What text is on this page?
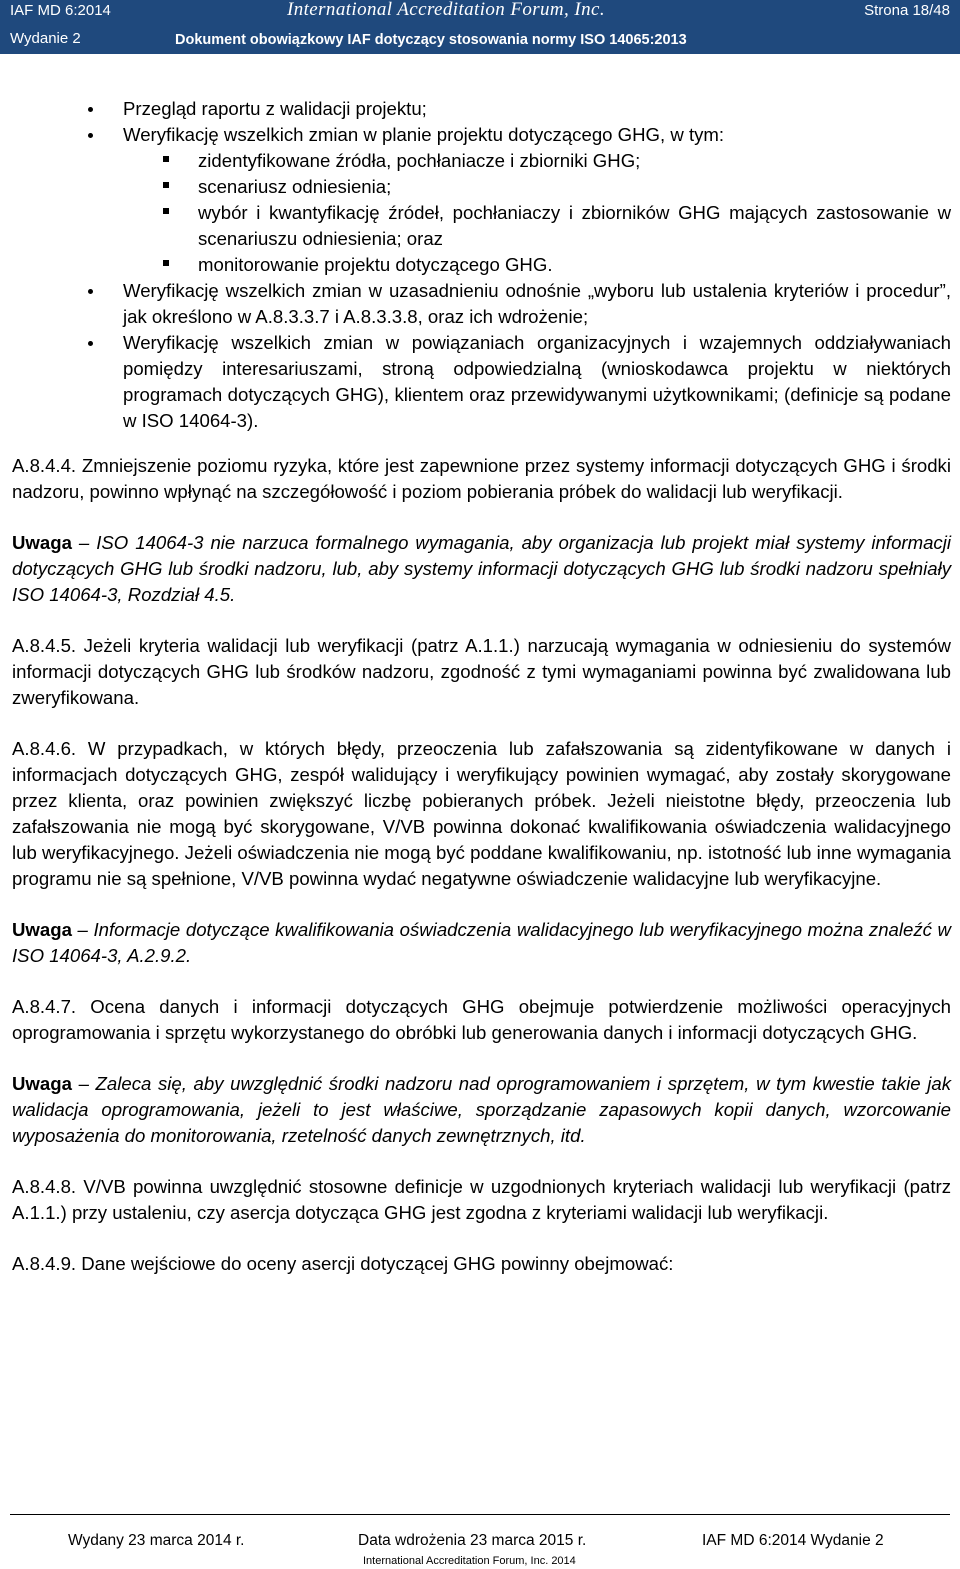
IAF MD 6:2014	International Accreditation Forum, Inc.	Strona 18/48
Wydanie 2	Dokument obowiązkowy IAF dotyczący stosowania normy ISO 14065:2013
Przegląd raportu z walidacji projektu;
Weryfikację wszelkich zmian w planie projektu dotyczącego GHG, w tym:
zidentyfikowane źródła, pochłaniacze i zbiorniki GHG;
scenariusz odniesienia;
wybór i kwantyfikację źródeł, pochłaniaczy i zbiorników GHG mających zastosowanie w scenariuszu odniesienia; oraz
monitorowanie projektu dotyczącego GHG.
Weryfikację wszelkich zmian w uzasadnieniu odnośnie „wyboru lub ustalenia kryteriów i procedur”, jak określono w A.8.3.3.7 i A.8.3.3.8, oraz ich wdrożenie;
Weryfikację wszelkich zmian w powiązaniach organizacyjnych i wzajemnych oddziaływaniach pomiędzy interesariuszami, stroną odpowiedzialną (wnioskodawca projektu w niektórych programach dotyczących GHG), klientem oraz przewidywanymi użytkownikami; (definicje są podane w ISO 14064-3).

A.8.4.4. Zmniejszenie poziomu ryzyka, które jest zapewnione przez systemy informacji dotyczących GHG i środki nadzoru, powinno wpłynąć na szczegółowość i poziom pobierania próbek do walidacji lub weryfikacji.

Uwaga – ISO 14064-3 nie narzuca formalnego wymagania, aby organizacja lub projekt miał systemy informacji dotyczących GHG lub środki nadzoru, lub, aby systemy informacji dotyczących GHG lub środki nadzoru spełniały ISO 14064-3, Rozdział 4.5.

A.8.4.5. Jeżeli kryteria walidacji lub weryfikacji (patrz A.1.1.) narzucają wymagania w odniesieniu do systemów informacji dotyczących GHG lub środków nadzoru, zgodność z tymi wymaganiami powinna być zwalidowana lub zweryfikowana.

A.8.4.6. W przypadkach, w których błędy, przeoczenia lub zafałszowania są zidentyfikowane w danych i informacjach dotyczących GHG, zespół walidujący i weryfikujący powinien wymagać, aby zostały skorygowane przez klienta, oraz powinien zwiększyć liczbę pobieranych próbek. Jeżeli nieistotne błędy, przeoczenia lub zafałszowania nie mogą być skorygowane, V/VB powinna dokonać kwalifikowania oświadczenia walidacyjnego lub weryfikacyjnego. Jeżeli oświadczenia nie mogą być poddane kwalifikowaniu, np. istotność lub inne wymagania programu nie są spełnione, V/VB powinna wydać negatywne oświadczenie walidacyjne lub weryfikacyjne.

Uwaga – Informacje dotyczące kwalifikowania oświadczenia walidacyjnego lub weryfikacyjnego można znaleźć w ISO 14064-3, A.2.9.2.

A.8.4.7. Ocena danych i informacji dotyczących GHG obejmuje potwierdzenie możliwości operacyjnych oprogramowania i sprzętu wykorzystanego do obróbki lub generowania danych i informacji dotyczących GHG.

Uwaga – Zaleca się, aby uwzględnić środki nadzoru nad oprogramowaniem i sprzętem, w tym kwestie takie jak walidacja oprogramowania, jeżeli to jest właściwe, sporządzanie zapasowych kopii danych, wzorcowanie wyposażenia do monitorowania, rzetelność danych zewnętrznych, itd.

A.8.4.8. V/VB powinna uwzględnić stosowne definicje w uzgodnionych kryteriach walidacji lub weryfikacji (patrz A.1.1.) przy ustaleniu, czy asercja dotycząca GHG jest zgodna z kryteriami walidacji lub weryfikacji.

A.8.4.9. Dane wejściowe do oceny asercji dotyczącej GHG powinny obejmować:

Wydany 23 marca 2014 r.	Data wdrożenia 23 marca 2015 r.	IAF MD 6:2014 Wydanie 2
International Accreditation Forum, Inc. 2014
